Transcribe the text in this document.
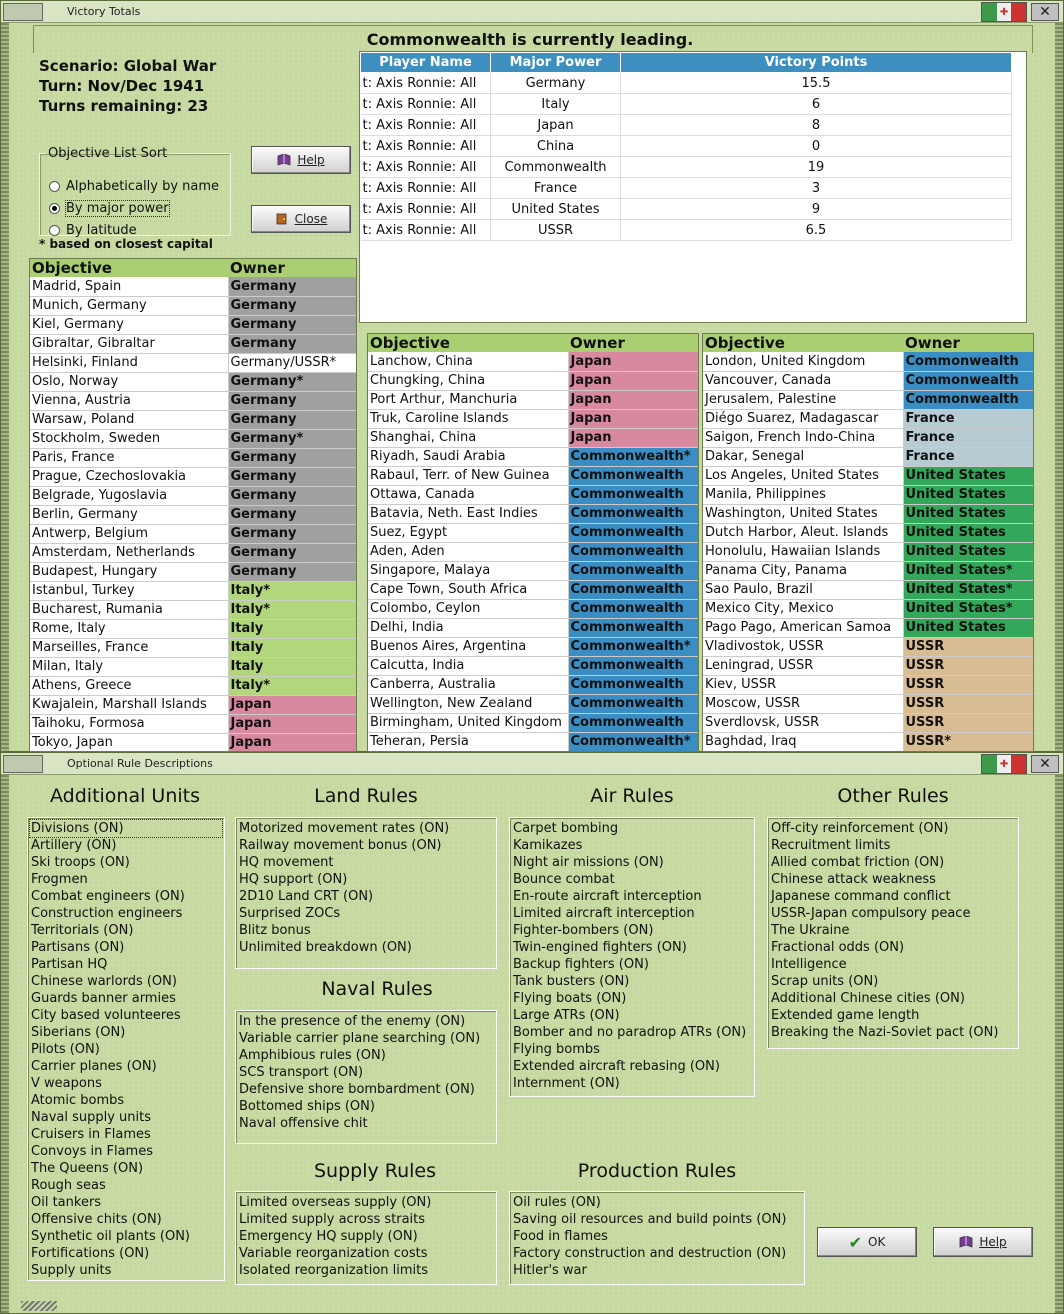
Victory Totals	✚	✕
Commonwealth is currently leading.
Scenario: Global War
Turn: Nov/Dec 1941
Turns remaining: 23
Objective List Sort
Alphabetically by name
By major power
By latitude
Help
Close
* based on closest capital
Player Name	Major Power	Victory Points
t: Axis Ronnie: All	Germany	15.5
t: Axis Ronnie: All	Italy	6
t: Axis Ronnie: All	Japan	8
t: Axis Ronnie: All	China	0
t: Axis Ronnie: All	Commonwealth	19
t: Axis Ronnie: All	France	3
t: Axis Ronnie: All	United States	9
t: Axis Ronnie: All	USSR	6.5
Objective	Owner
Madrid, Spain	Germany
Munich, Germany	Germany
Kiel, Germany	Germany
Gibraltar, Gibraltar	Germany
Helsinki, Finland	Germany/USSR*
Oslo, Norway	Germany*
Vienna, Austria	Germany
Warsaw, Poland	Germany
Stockholm, Sweden	Germany*
Paris, France	Germany
Prague, Czechoslovakia	Germany
Belgrade, Yugoslavia	Germany
Berlin, Germany	Germany
Antwerp, Belgium	Germany
Amsterdam, Netherlands	Germany
Budapest, Hungary	Germany
Istanbul, Turkey	Italy*
Bucharest, Rumania	Italy*
Rome, Italy	Italy
Marseilles, France	Italy
Milan, Italy	Italy
Athens, Greece	Italy*
Kwajalein, Marshall Islands	Japan
Taihoku, Formosa	Japan
Tokyo, Japan	Japan
Objective	Owner
Lanchow, China	Japan
Chungking, China	Japan
Port Arthur, Manchuria	Japan
Truk, Caroline Islands	Japan
Shanghai, China	Japan
Riyadh, Saudi Arabia	Commonwealth*
Rabaul, Terr. of New Guinea	Commonwealth
Ottawa, Canada	Commonwealth
Batavia, Neth. East Indies	Commonwealth
Suez, Egypt	Commonwealth
Aden, Aden	Commonwealth
Singapore, Malaya	Commonwealth
Cape Town, South Africa	Commonwealth
Colombo, Ceylon	Commonwealth
Delhi, India	Commonwealth
Buenos Aires, Argentina	Commonwealth*
Calcutta, India	Commonwealth
Canberra, Australia	Commonwealth
Wellington, New Zealand	Commonwealth
Birmingham, United Kingdom	Commonwealth
Teheran, Persia	Commonwealth*
Objective	Owner
London, United Kingdom	Commonwealth
Vancouver, Canada	Commonwealth
Jerusalem, Palestine	Commonwealth
Diégo Suarez, Madagascar	France
Saigon, French Indo-China	France
Dakar, Senegal	France
Los Angeles, United States	United States
Manila, Philippines	United States
Washington, United States	United States
Dutch Harbor, Aleut. Islands	United States
Honolulu, Hawaiian Islands	United States
Panama City, Panama	United States*
Sao Paulo, Brazil	United States*
Mexico City, Mexico	United States*
Pago Pago, American Samoa	United States
Vladivostok, USSR	USSR
Leningrad, USSR	USSR
Kiev, USSR	USSR
Moscow, USSR	USSR
Sverdlovsk, USSR	USSR
Baghdad, Iraq	USSR*
Optional Rule Descriptions	✚	✕
Additional Units
Divisions (ON)
Artillery (ON)
Ski troops (ON)
Frogmen
Combat engineers (ON)
Construction engineers
Territorials (ON)
Partisans (ON)
Partisan HQ
Chinese warlords (ON)
Guards banner armies
City based volunteeres
Siberians (ON)
Pilots (ON)
Carrier planes (ON)
V weapons
Atomic bombs
Naval supply units
Cruisers in Flames
Convoys in Flames
The Queens (ON)
Rough seas
Oil tankers
Offensive chits (ON)
Synthetic oil plants (ON)
Fortifications (ON)
Supply units
Land Rules
Motorized movement rates (ON)
Railway movement bonus (ON)
HQ movement
HQ support (ON)
2D10 Land CRT (ON)
Surprised ZOCs
Blitz bonus
Unlimited breakdown (ON)
Naval Rules
In the presence of the enemy (ON)
Variable carrier plane searching (ON)
Amphibious rules (ON)
SCS transport (ON)
Defensive shore bombardment (ON)
Bottomed ships (ON)
Naval offensive chit
Supply Rules
Limited overseas supply (ON)
Limited supply across straits
Emergency HQ supply (ON)
Variable reorganization costs
Isolated reorganization limits
Air Rules
Carpet bombing
Kamikazes
Night air missions (ON)
Bounce combat
En-route aircraft interception
Limited aircraft interception
Fighter-bombers (ON)
Twin-engined fighters (ON)
Backup fighters (ON)
Tank busters (ON)
Flying boats (ON)
Large ATRs (ON)
Bomber and no paradrop ATRs (ON)
Flying bombs
Extended aircraft rebasing (ON)
Internment (ON)
Production Rules
Oil rules (ON)
Saving oil resources and build points (ON)
Food in flames
Factory construction and destruction (ON)
Hitler's war
Other Rules
Off-city reinforcement (ON)
Recruitment limits
Allied combat friction (ON)
Chinese attack weakness
Japanese command conflict
USSR-Japan compulsory peace
The Ukraine
Fractional odds (ON)
Intelligence
Scrap units (ON)
Additional Chinese cities (ON)
Extended game length
Breaking the Nazi-Soviet pact (ON)
✔ OK	Help
